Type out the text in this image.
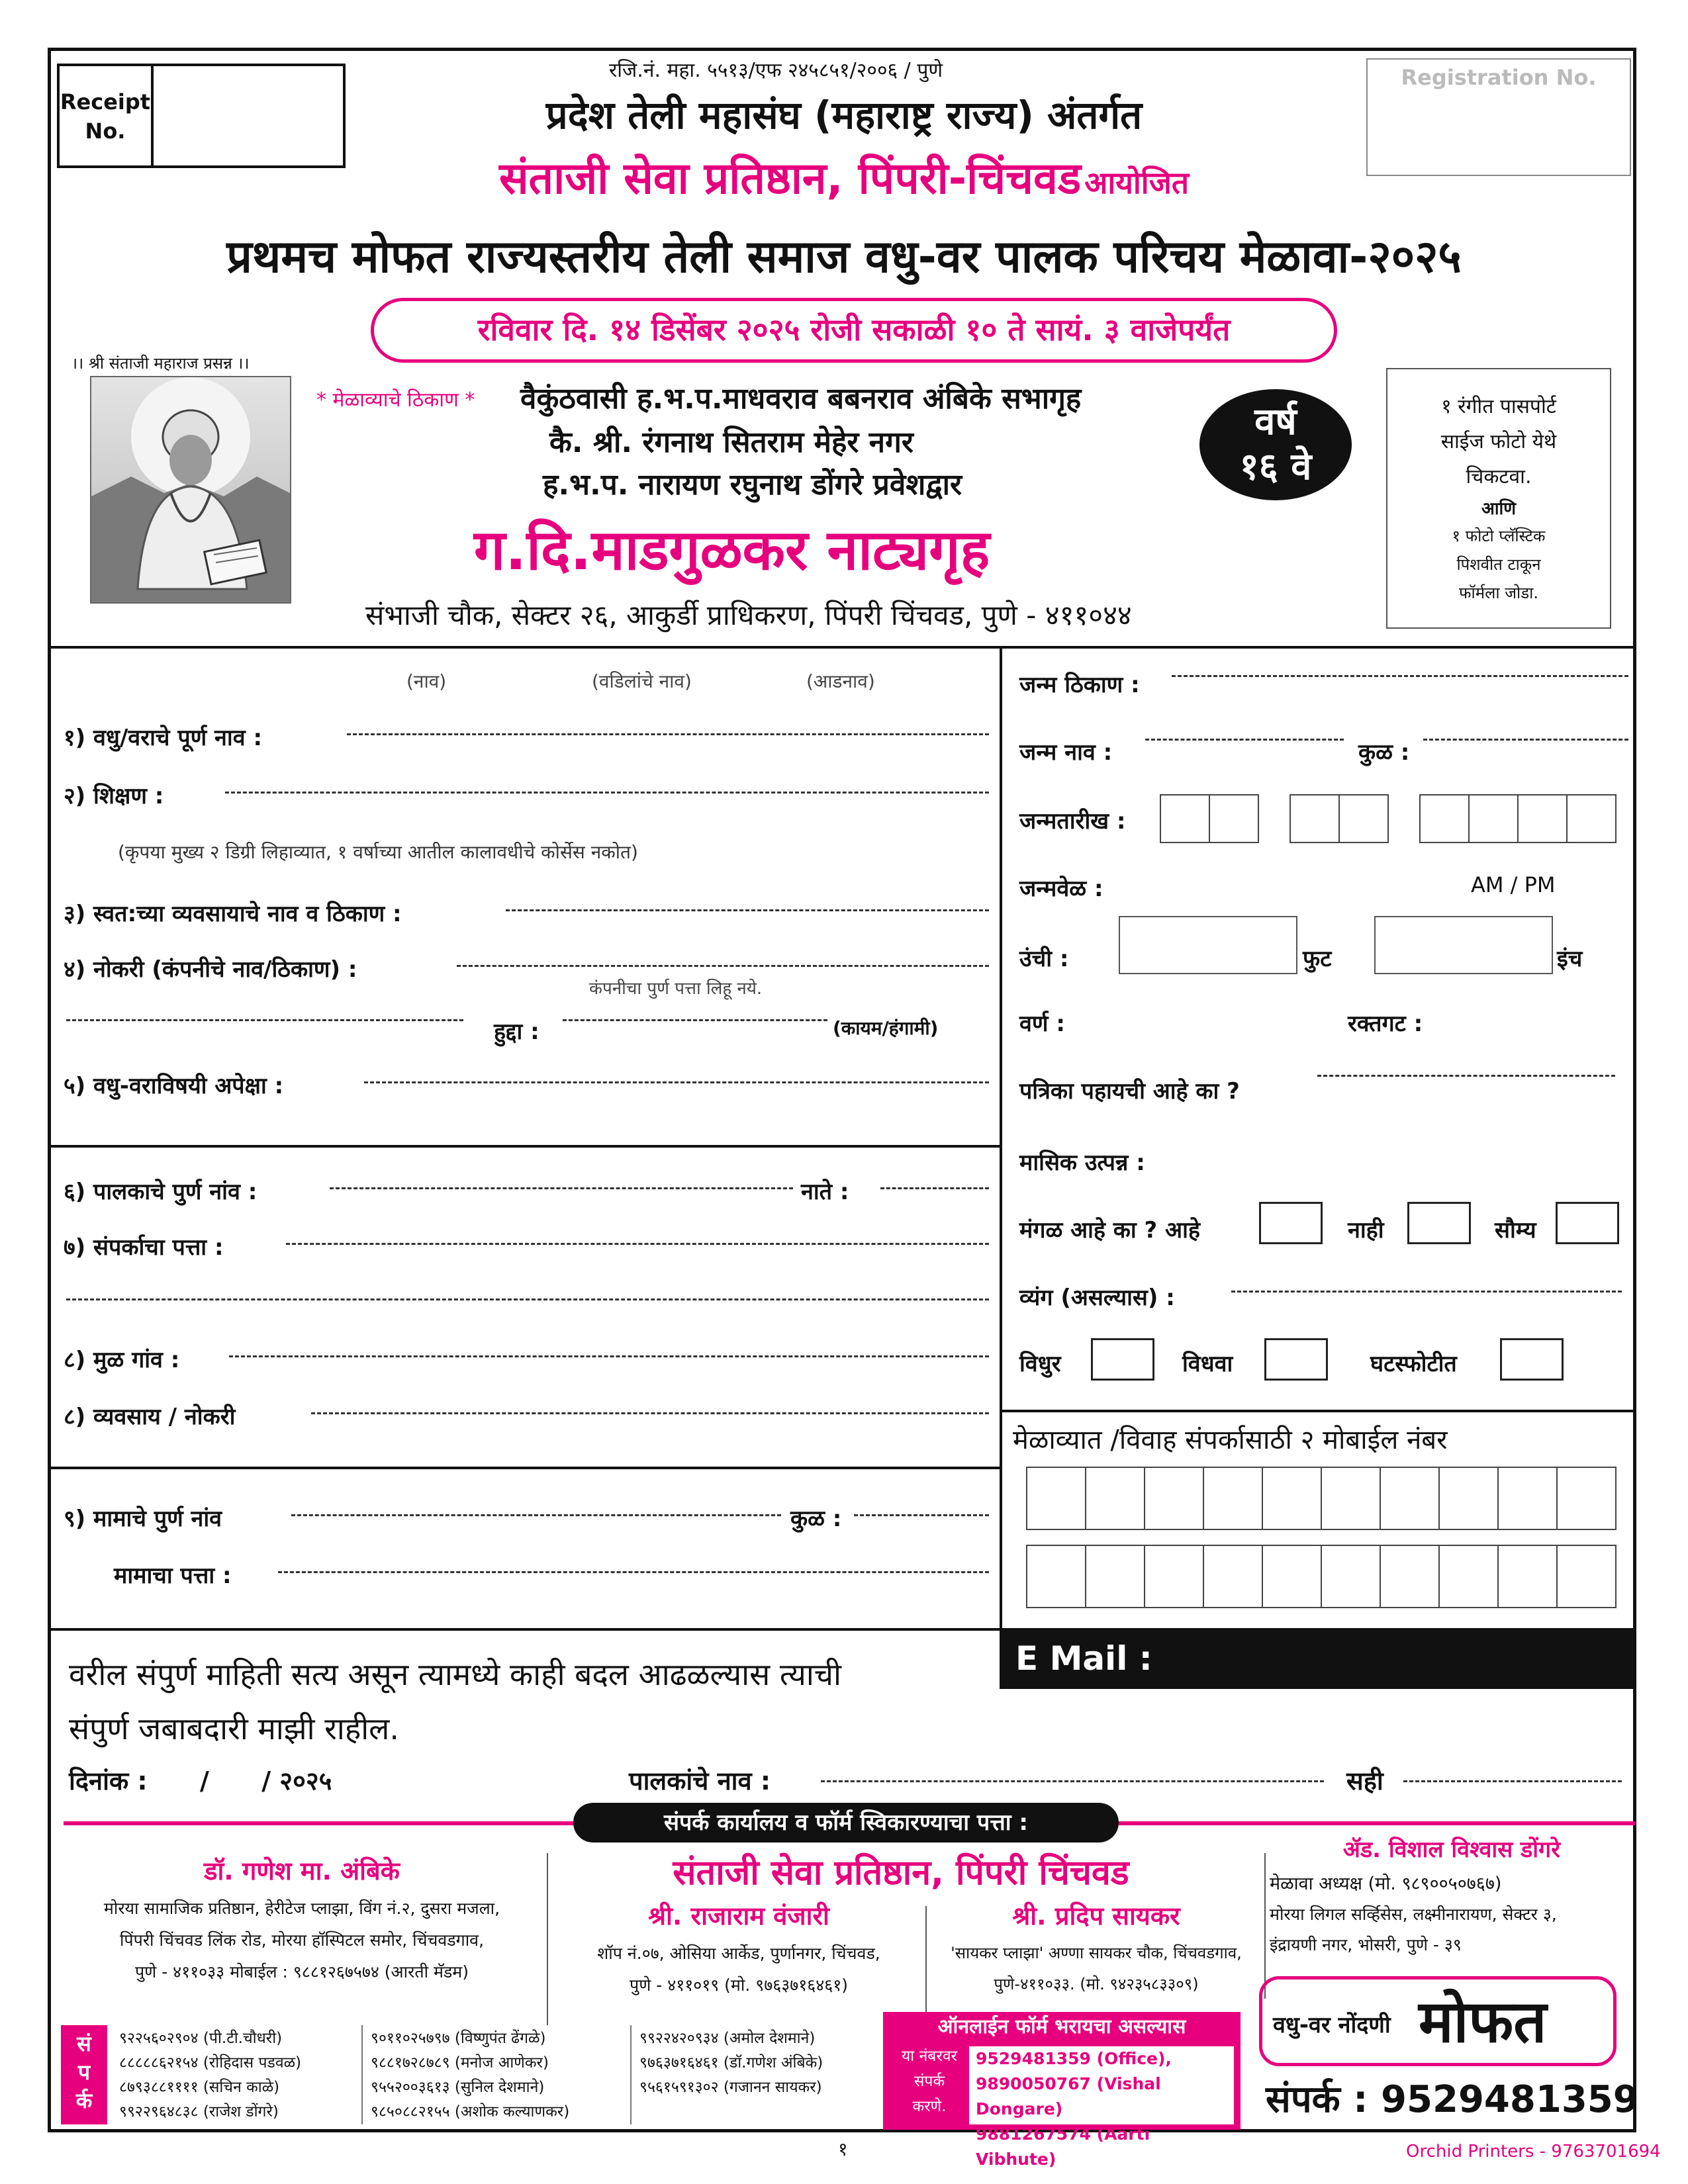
रजि.नं. महा. ५५१३/एफ २४५८५१/२००६ / पुणे
Receipt
No.
Registration No.
प्रदेश तेली महासंघ (महाराष्ट्र राज्य) अंतर्गत
संताजी सेवा प्रतिष्ठान, पिंपरी-चिंचवड आयोजित
प्रथमच मोफत राज्यस्तरीय तेली समाज वधु-वर पालक परिचय मेळावा-२०२५
रविवार दि. १४ डिसेंबर २०२५ रोजी सकाळी १० ते सायं. ३ वाजेपर्यंत
।। श्री संताजी महाराज प्रसन्न ।।
* मेळाव्याचे ठिकाण * वैकुंठवासी ह.भ.प.माधवराव बबनराव अंबिके सभागृह
कै. श्री. रंगनाथ सितराम मेहेर नगर
ह.भ.प. नारायण रघुनाथ डोंगरे प्रवेशद्वार
ग.दि.माडगुळकर नाट्यगृह
संभाजी चौक, सेक्टर २६, आकुर्डी प्राधिकरण, पिंपरी चिंचवड, पुणे - ४११०४४
वर्ष
१६ वे
१ रंगीत पासपोर्ट
साईज फोटो येथे
चिकटवा.
आणि
१ फोटो प्लॅस्टिक
पिशवीत टाकून
फॉर्मला जोडा.
(नाव)	(वडिलांचे नाव)	(आडनाव)
१) वधु/वराचे पूर्ण नाव :
२) शिक्षण :
(कृपया मुख्य २ डिग्री लिहाव्यात, १ वर्षाच्या आतील कालावधीचे कोर्सेस नकोत)
३) स्वत:च्या व्यवसायाचे नाव व ठिकाण :
४) नोकरी (कंपनीचे नाव/ठिकाण) :
कंपनीचा पुर्ण पत्ता लिहू नये.
हुद्दा :	(कायम/हंगामी)
५) वधु-वराविषयी अपेक्षा :
६) पालकाचे पुर्ण नांव :	नाते :
७) संपर्काचा पत्ता :
८) मुळ गांव :
८) व्यवसाय / नोकरी
९) मामाचे पुर्ण नांव	कुळ :
मामाचा पत्ता :
जन्म ठिकाण :
जन्म नाव :	कुळ :
जन्मतारीख :
जन्मवेळ :	AM / PM
उंची :	फुट	इंच
वर्ण :	रक्तगट :
पत्रिका पहायची आहे का ?
मासिक उत्पन्न :
मंगळ आहे का ? आहे	नाही	सौम्य
व्यंग (असल्यास) :
विधुर	विधवा	घटस्फोटीत
मेळाव्यात /विवाह संपर्कासाठी २ मोबाईल नंबर
E Mail : santajisevapcmc25@gmail.com
वरील संपुर्ण माहिती सत्य असून त्यामध्ये काही बदल आढळल्यास त्याची
संपुर्ण जबाबदारी माझी राहील.
दिनांक :      /      / २०२५	पालकांचे नाव :	सही
संपर्क कार्यालय व फॉर्म स्विकारण्याचा पत्ता :
डॉ. गणेश मा. अंबिके
मोरया सामाजिक प्रतिष्ठान, हेरीटेज प्लाझा, विंग नं.२, दुसरा मजला,
पिंपरी चिंचवड लिंक रोड, मोरया हॉस्पिटल समोर, चिंचवडगाव,
पुणे - ४११०३३ मोबाईल : ९८८१२६७५७४ (आरती मॅडम)
संताजी सेवा प्रतिष्ठान, पिंपरी चिंचवड
श्री. राजाराम वंजारी
शॉप नं.०७, ओसिया आर्केड, पुर्णानगर, चिंचवड,
पुणे - ४११०१९ (मो. ९७६३७१६४६१)
श्री. प्रदिप सायकर
'सायकर प्लाझा' अण्णा सायकर चौक, चिंचवडगाव,
पुणे-४११०३३. (मो. ९४२३५८३३०९)
ॲड. विशाल विश्वास डोंगरे
मेळावा अध्यक्ष (मो. ९८९००५०७६७)
मोरया लिगल सर्व्हिसेस, लक्ष्मीनारायण, सेक्टर ३,
इंद्रायणी नगर, भोसरी, पुणे - ३९
सं
प
र्क
९२२५६०२९०४ (पी.टी.चौधरी)
८८८८८६२१५४ (रोहिदास पडवळ)
८७९३८८११११ (सचिन काळे)
९९२२९६४८३८ (राजेश डोंगरे)
९०११०२५७९७ (विष्णुपंत ढेंगळे)
९८८१७२८७८९ (मनोज आणेकर)
९५५२००३६१३ (सुनिल देशमाने)
९८५०८८२१५५ (अशोक कल्याणकर)
९९२२४२०९३४ (अमोल देशमाने)
९७६३७१६४६१ (डॉ.गणेश अंबिके)
९५६१५९१३०२ (गजानन सायकर)
ऑनलाईन फॉर्म भरायचा असल्यास
या नंबरवर
संपर्क
करणे.
9529481359 (Office),
9890050767 (Vishal Dongare)
9881267574 (Aarti Vibhute)
वधु-वर नोंदणी मोफत
संपर्क : 9529481359
१	Orchid Printers - 9763701694
